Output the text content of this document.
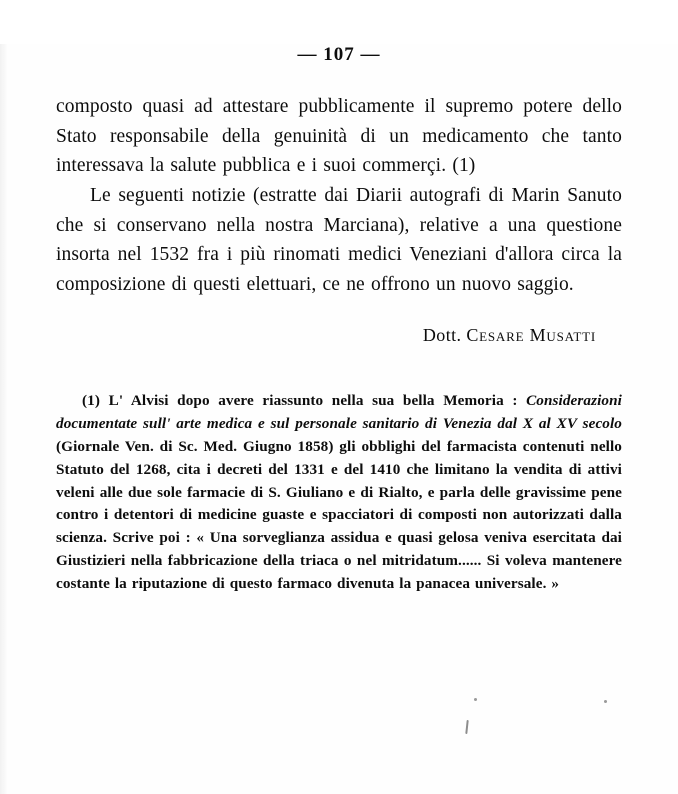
— 107 —

composto quasi ad attestare pubblicamente il supremo potere dello Stato responsabile della genuinità di un medicamento che tanto interessava la salute pubblica e i suoi commerçi. (1)

Le seguenti notizie (estratte dai Diarii autografi di Marin Sanuto che si conservano nella nostra Marciana), relative a una questione insorta nel 1532 fra i più rinomati medici Veneziani d'allora circa la composizione di questi elettuari, ce ne offrono un nuovo saggio.

Dott. Cesare Musatti

(1) L' Alvisi dopo avere riassunto nella sua bella Memoria : Considerazioni documentate sull' arte medica e sul personale sanitario di Venezia dal X al XV secolo (Giornale Ven. di Sc. Med. Giugno 1858) gli obblighi del farmacista contenuti nello Statuto del 1268, cita i decreti del 1331 e del 1410 che limitano la vendita di attivi veleni alle due sole farmacie di S. Giuliano e di Rialto, e parla delle gravissime pene contro i detentori di medicine guaste e spacciatori di composti non autorizzati dalla scienza. Scrive poi : « Una sorveglianza assidua e quasi gelosa veniva esercitata dai Giustizieri nella fabbricazione della triaca o nel mitridatum...... Si voleva mantenere costante la riputazione di questo farmaco divenuta la panacea universale. »
